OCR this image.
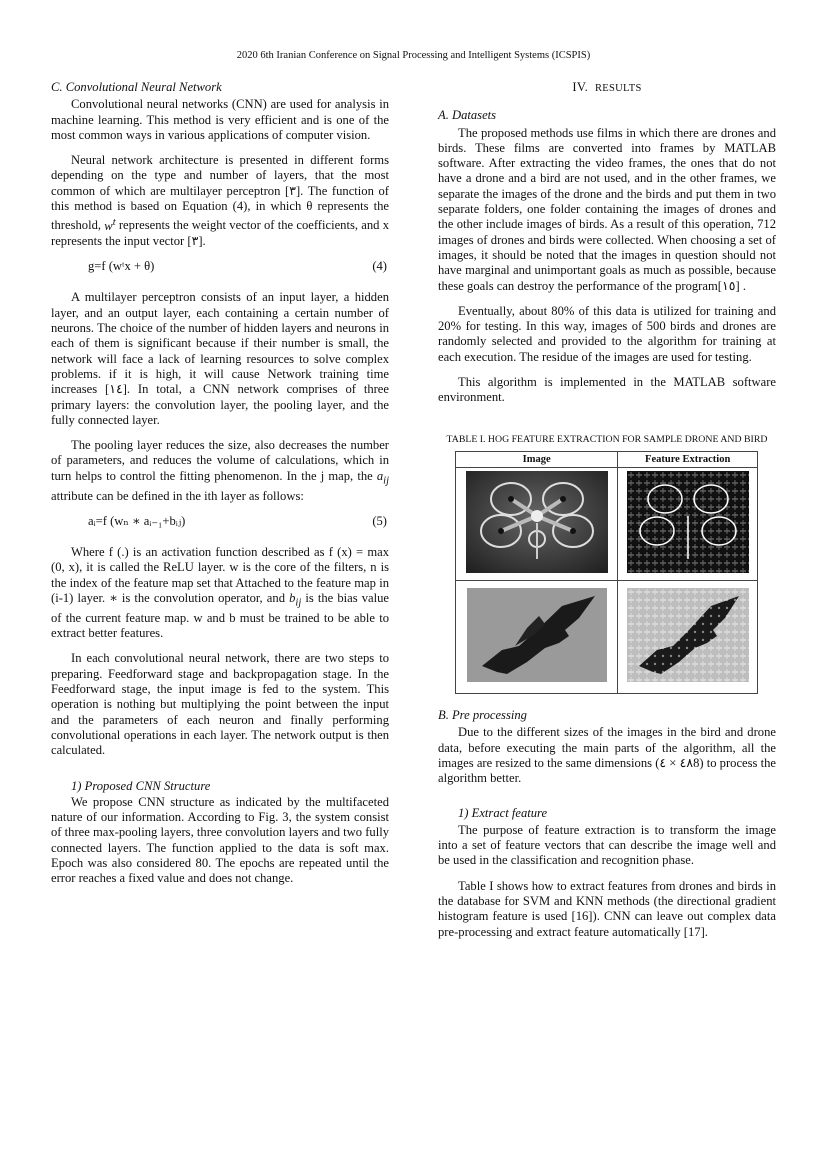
2020 6th Iranian Conference on Signal Processing and Intelligent Systems (ICSPIS)
C. Convolutional Neural Network

Convolutional neural networks (CNN) are used for analysis in machine learning. This method is very efficient and is one of the most common ways in various applications of computer vision.

Neural network architecture is presented in different forms depending on the type and number of layers, that the most common of which are multilayer perceptron [٣]. The function of this method is based on Equation (4), in which θ represents the threshold, $w^t$ represents the weight vector of the coefficients, and x represents the input vector [٣].

g=f (wᵗx + θ)	(4)

A multilayer perceptron consists of an input layer, a hidden layer, and an output layer, each containing a certain number of neurons. The choice of the number of hidden layers and neurons in each of them is significant because if their number is small, the network will face a lack of learning resources to solve complex problems. if it is high, it will cause Network training time increases [١٤]. In total, a CNN network comprises of three primary layers: the convolution layer, the pooling layer, and the fully connected layer.

The pooling layer reduces the size, also decreases the number of parameters, and reduces the volume of calculations, which in turn helps to control the fitting phenomenon. In the j map, the $a_{ij}$ attribute can be defined in the ith layer as follows:

aᵢ=f (wₙ ∗ aᵢ₋₁+bᵢⱼ)	(5)

Where f (.) is an activation function described as f (x) = max (0, x), it is called the ReLU layer. w is the core of the filters, n is the index of the feature map set that Attached to the feature map in (i-1) layer. ∗ is the convolution operator, and $b_{ij}$ is the bias value of the current feature map. w and b must be trained to be able to extract better features.

In each convolutional neural network, there are two steps to preparing. Feedforward stage and backpropagation stage. In the Feedforward stage, the input image is fed to the system. This operation is nothing but multiplying the point between the input and the parameters of each neuron and finally performing convolutional operations in each layer. The network output is then calculated.

1) Proposed CNN Structure

We propose CNN structure as indicated by the multifaceted nature of our information. According to Fig. 3, the system consist of three max-pooling layers, three convolution layers and two fully connected layers. The function applied to the data is soft max. Epoch was also considered 80. The epochs are repeated until the error reaches a fixed value and does not change.

IV. RESULTS
A. Datasets

The proposed methods use films in which there are drones and birds. These films are converted into frames by MATLAB software. After extracting the video frames, the ones that do not have a drone and a bird are not used, and in the other frames, we separate the images of the drone and the birds and put them in two separate folders, one folder containing the images of drones and the other include images of birds. As a result of this operation, 712 images of drones and birds were collected. When choosing a set of images, it should be noted that the images in question should not have marginal and unimportant goals as much as possible, because these goals can destroy the performance of the program[١٥] .

Eventually, about 80% of this data is utilized for training and 20% for testing. In this way, images of 500 birds and drones are randomly selected and provided to the algorithm for training at each execution. The residue of the images are used for testing.

This algorithm is implemented in the MATLAB software environment.

TABLE I. HOG FEATURE EXTRACTION FOR SAMPLE DRONE AND BIRD
Image	Feature Extraction

B. Pre processing

Due to the different sizes of the images in the bird and drone data, before executing the main parts of the algorithm, all the images are resized to the same dimensions (٤٨ × ٤8) to process the algorithm better.

1) Extract feature

The purpose of feature extraction is to transform the image into a set of feature vectors that can describe the image well and be used in the classification and recognition phase.

Table I shows how to extract features from drones and birds in the database for SVM and KNN methods (the directional gradient histogram feature is used [16]). CNN can leave out complex data pre-processing and extract feature automatically [17].
